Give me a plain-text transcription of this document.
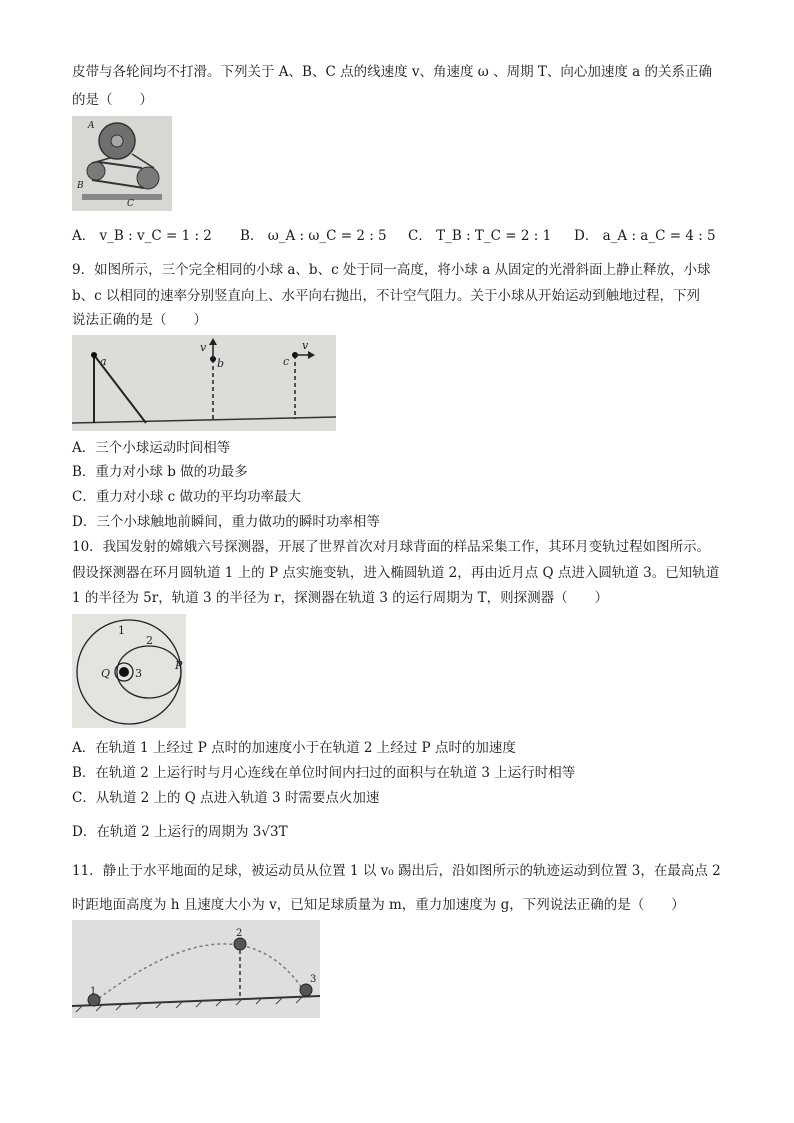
皮带与各轮间均不打滑。下列关于 A、B、C 点的线速度 v、角速度 ω 、周期 T、向心加速度 a 的关系正确
的是（　　）
A
B
C
A． v_B : v_C = 1 : 2 B． ω_A : ω_C = 2 : 5 C． T_B : T_C = 2 : 1 D． a_A : a_C = 4 : 5
9．如图所示，三个完全相同的小球 a、b、c 处于同一高度，将小球 a 从固定的光滑斜面上静止释放，小球
b、c 以相同的速率分别竖直向上、水平向右抛出，不计空气阻力。关于小球从开始运动到触地过程，下列
说法正确的是（　　）
a
v
b	c
v
A．三个小球运动时间相等
B．重力对小球 b 做的功最多
C．重力对小球 c 做功的平均功率最大
D．三个小球触地前瞬间，重力做功的瞬时功率相等
10．我国发射的嫦娥六号探测器，开展了世界首次对月球背面的样品采集工作，其环月变轨过程如图所示。
假设探测器在环月圆轨道 1 上的 P 点实施变轨，进入椭圆轨道 2，再由近月点 Q 点进入圆轨道 3。已知轨道
1 的半径为 5r，轨道 3 的半径为 r，探测器在轨道 3 的运行周期为 T，则探测器（　　）
1
2
Q 3
P
A．在轨道 1 上经过 P 点时的加速度小于在轨道 2 上经过 P 点时的加速度
B．在轨道 2 上运行时与月心连线在单位时间内扫过的面积与在轨道 3 上运行时相等
C．从轨道 2 上的 Q 点进入轨道 3 时需要点火加速
D．在轨道 2 上运行的周期为 3√3T
11．静止于水平地面的足球，被运动员从位置 1 以 v₀ 踢出后，沿如图所示的轨迹运动到位置 3，在最高点 2
时距地面高度为 h 且速度大小为 v，已知足球质量为 m，重力加速度为 g，下列说法正确的是（　　）
1
2
3
